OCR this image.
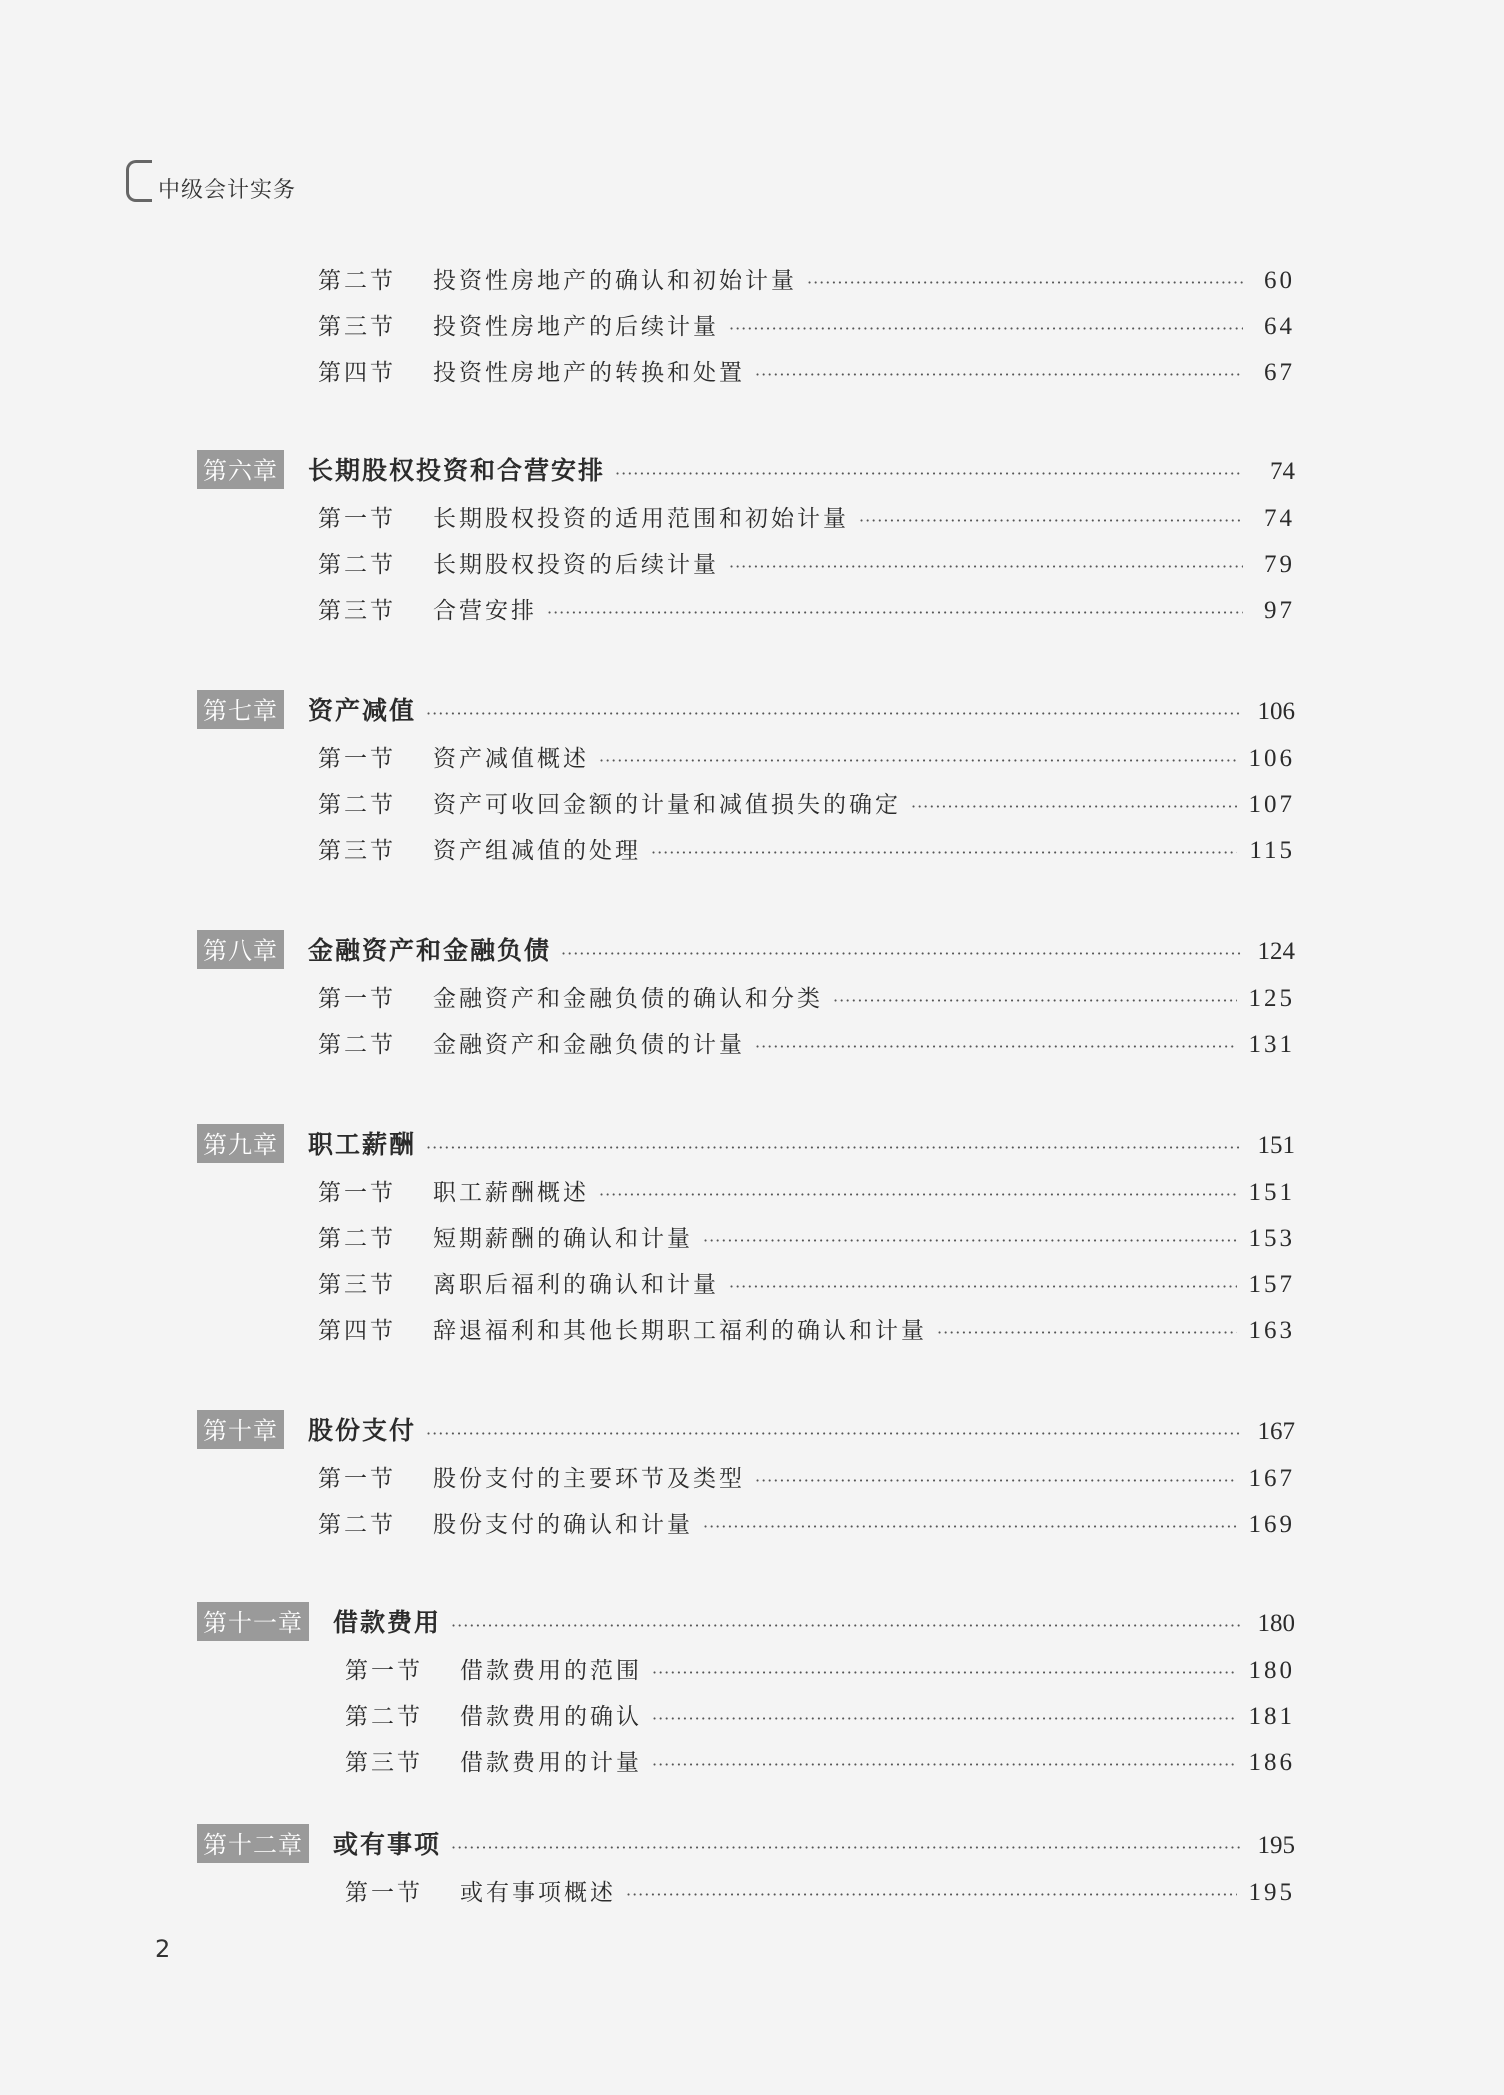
中级会计实务
第二节	投资性房地产的确认和初始计量 ·····	60
第三节	投资性房地产的后续计量 ·····	64
第四节	投资性房地产的转换和处置 ·····	67
第六章 长期股权投资和合营安排 ·····	74
第一节	长期股权投资的适用范围和初始计量 ·····	74
第二节	长期股权投资的后续计量 ·····	79
第三节	合营安排 ·····	97
第七章 资产减值 ·····	106
第一节	资产减值概述 ·····	106
第二节	资产可收回金额的计量和减值损失的确定 ·····	107
第三节	资产组减值的处理 ·····	115
第八章 金融资产和金融负债 ·····	124
第一节	金融资产和金融负债的确认和分类 ·····	125
第二节	金融资产和金融负债的计量 ·····	131
第九章 职工薪酬 ·····	151
第一节	职工薪酬概述 ·····	151
第二节	短期薪酬的确认和计量 ·····	153
第三节	离职后福利的确认和计量 ·····	157
第四节	辞退福利和其他长期职工福利的确认和计量 ·····	163
第十章 股份支付 ·····	167
第一节	股份支付的主要环节及类型 ·····	167
第二节	股份支付的确认和计量 ·····	169
第十一章 借款费用 ·····	180
第一节	借款费用的范围 ·····	180
第二节	借款费用的确认 ·····	181
第三节	借款费用的计量 ·····	186
第十二章 或有事项 ·····	195
第一节	或有事项概述 ·····	195
2
